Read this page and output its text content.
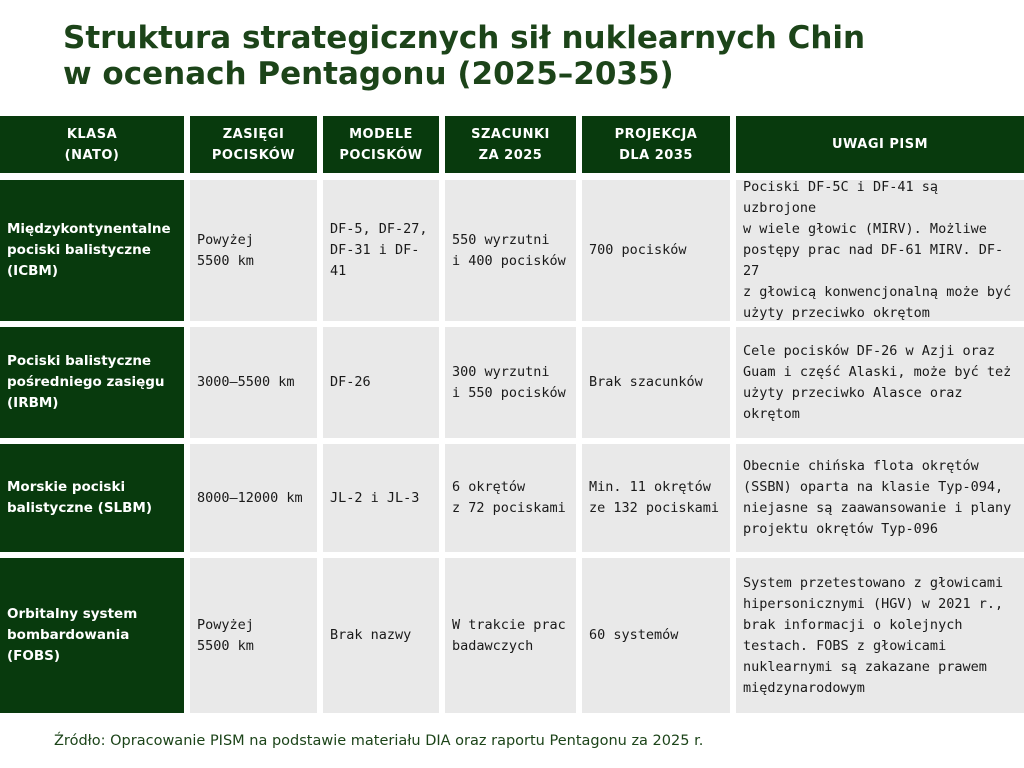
Struktura strategicznych sił nuklearnych Chin
w ocenach Pentagonu (2025–2035)
KLASA
(NATO)
ZASIĘGI
POCISKÓW
MODELE
POCISKÓW
SZACUNKI
ZA 2025
PROJEKCJA
DLA 2035
UWAGI PISM
Międzykontynentalne
pociski balistyczne
(ICBM)
Powyżej
5500 km
DF-5, DF-27,
DF-31 i DF-41
550 wyrzutni
i 400 pocisków
700 pocisków
Pociski DF-5C i DF-41 są uzbrojone
w wiele głowic (MIRV). Możliwe
postępy prac nad DF-61 MIRV. DF-27
z głowicą konwencjonalną może być
użyty przeciwko okrętom
Pociski balistyczne
pośredniego zasięgu
(IRBM)
3000–5500 km	DF-26
300 wyrzutni
i 550 pocisków
Brak szacunków
Cele pocisków DF-26 w Azji oraz
Guam i część Alaski, może być też
użyty przeciwko Alasce oraz
okrętom
Morskie pociski
balistyczne (SLBM)
8000–12000 km JL-2 i JL-3
6 okrętów
z 72 pociskami
Min. 11 okrętów
ze 132 pociskami
Obecnie chińska flota okrętów
(SSBN) oparta na klasie Typ-094,
niejasne są zaawansowanie i plany
projektu okrętów Typ-096
Orbitalny system
bombardowania
(FOBS)
Powyżej
5500 km
Brak nazwy
W trakcie prac
badawczych
60 systemów
System przetestowano z głowicami
hipersonicznymi (HGV) w 2021 r.,
brak informacji o kolejnych
testach. FOBS z głowicami
nuklearnymi są zakazane prawem
międzynarodowym
Źródło: Opracowanie PISM na podstawie materiału DIA oraz raportu Pentagonu za 2025 r.
